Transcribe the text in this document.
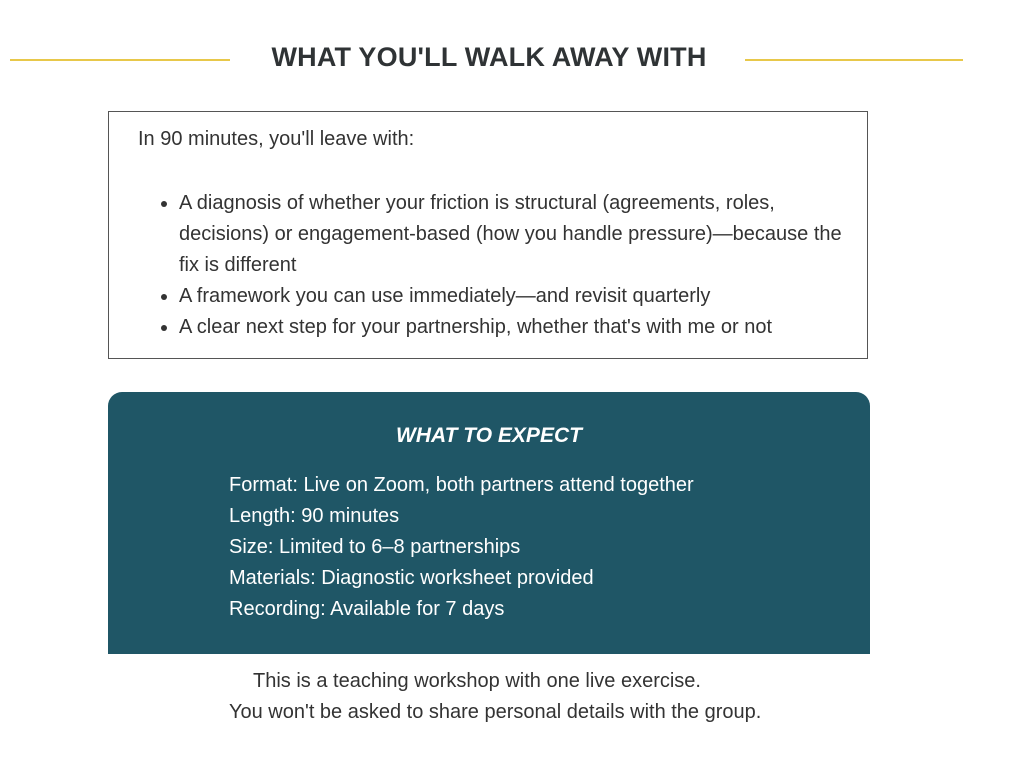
WHAT YOU'LL WALK AWAY WITH
In 90 minutes, you'll leave with:
• A diagnosis of whether your friction is structural (agreements, roles, decisions) or engagement-based (how you handle pressure)—because the fix is different
• A framework you can use immediately—and revisit quarterly
• A clear next step for your partnership, whether that's with me or not
WHAT TO EXPECT
Format: Live on Zoom, both partners attend together
Length: 90 minutes
Size: Limited to 6–8 partnerships
Materials: Diagnostic worksheet provided
Recording: Available for 7 days
This is a teaching workshop with one live exercise.
You won't be asked to share personal details with the group.
